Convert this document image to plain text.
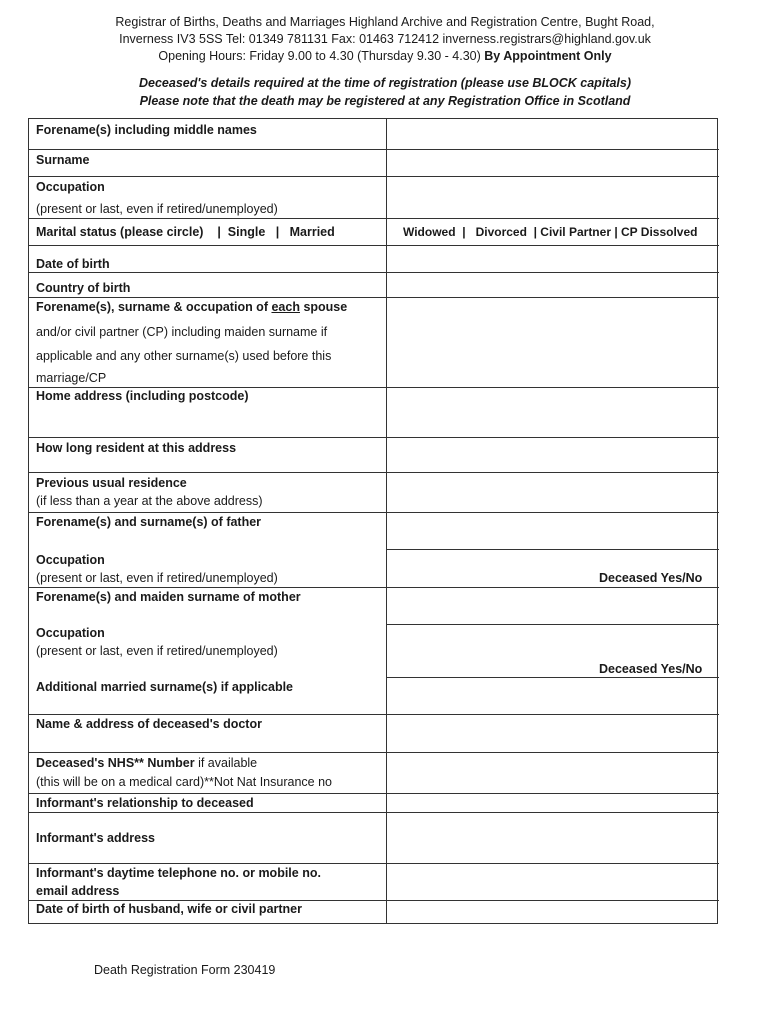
Registrar of Births, Deaths and Marriages Highland Archive and Registration Centre, Bught Road,
Inverness IV3 5SS Tel: 01349 781131 Fax: 01463 712412 inverness.registrars@highland.gov.uk
Opening Hours: Friday 9.00 to 4.30 (Thursday 9.30 - 4.30) By Appointment Only
Deceased's details required at the time of registration (please use BLOCK capitals)
Please note that the death may be registered at any Registration Office in Scotland
Forename(s) including middle names
Surname
Occupation
(present or last, even if retired/unemployed)
Marital status (please circle)    |  Single   |   Married	Widowed  |   Divorced  | Civil Partner | CP Dissolved
Date of birth
Country of birth
Forename(s), surname & occupation of each spouse
and/or civil partner (CP) including maiden surname if
applicable and any other surname(s) used before this
marriage/CP
Home address (including postcode)
How long resident at this address
Previous usual residence
(if less than a year at the above address)
Forename(s) and surname(s) of father
Occupation
(present or last, even if retired/unemployed)	Deceased Yes/No
Forename(s) and maiden surname of mother
Occupation
(present or last, even if retired/unemployed)
Deceased Yes/No
Additional married surname(s) if applicable
Name & address of deceased's doctor
Deceased's NHS** Number if available
(this will be on a medical card)**Not Nat Insurance no
Informant's relationship to deceased
Informant's address
Informant's daytime telephone no. or mobile no.
email address
Date of birth of husband, wife or civil partner
Death Registration Form 230419
